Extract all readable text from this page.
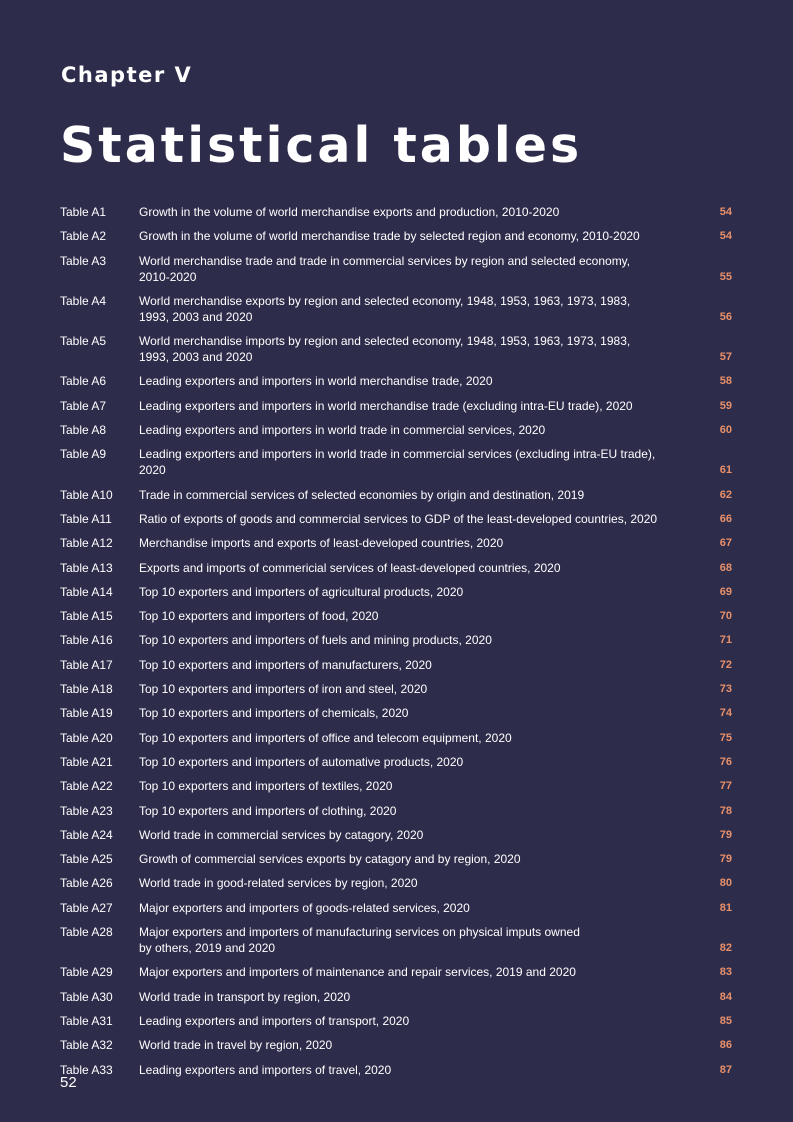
Chapter V
Statistical tables
Table A1	Growth in the volume of world merchandise exports and production, 2010-2020	54
Table A2	Growth in the volume of world merchandise trade by selected region and economy, 2010-2020	54
Table A3	World merchandise trade and trade in commercial services by region and selected economy, 2010-2020	55
Table A4	World merchandise exports by region and selected economy, 1948, 1953, 1963, 1973, 1983,
1993, 2003 and 2020	56
Table A5	World merchandise imports by region and selected economy, 1948, 1953, 1963, 1973, 1983,
1993, 2003 and 2020	57
Table A6	Leading exporters and importers in world merchandise trade, 2020	58
Table A7	Leading exporters and importers in world merchandise trade (excluding intra-EU trade), 2020	59
Table A8	Leading exporters and importers in world trade in commercial services, 2020	60
Table A9	Leading exporters and importers in world trade in commercial services (excluding intra-EU trade), 2020	61
Table A10 Trade in commercial services of selected economies by origin and destination, 2019	62
Table A11 Ratio of exports of goods and commercial services to GDP of the least-developed countries, 2020	66
Table A12 Merchandise imports and exports of least-developed countries, 2020	67
Table A13 Exports and imports of commericial services of least-developed countries, 2020	68
Table A14 Top 10 exporters and importers of agricultural products, 2020	69
Table A15 Top 10 exporters and importers of food, 2020	70
Table A16 Top 10 exporters and importers of fuels and mining products, 2020	71
Table A17 Top 10 exporters and importers of manufacturers, 2020	72
Table A18 Top 10 exporters and importers of iron and steel, 2020	73
Table A19 Top 10 exporters and importers of chemicals, 2020	74
Table A20 Top 10 exporters and importers of office and telecom equipment, 2020	75
Table A21 Top 10 exporters and importers of automative products, 2020	76
Table A22 Top 10 exporters and importers of textiles, 2020	77
Table A23 Top 10 exporters and importers of clothing, 2020	78
Table A24 World trade in commercial services by catagory, 2020	79
Table A25 Growth of commercial services exports by catagory and by region, 2020	79
Table A26 World trade in good-related services by region, 2020	80
Table A27 Major exporters and importers of goods-related services, 2020	81
Table A28 Major exporters and importers of manufacturing services on physical imputs owned
by others, 2019 and 2020	82
Table A29 Major exporters and importers of maintenance and repair services, 2019 and 2020	83
Table A30 World trade in transport by region, 2020	84
Table A31 Leading exporters and importers of transport, 2020	85
Table A32 World trade in travel by region, 2020	86
Table A33 Leading exporters and importers of travel, 2020	87
52
